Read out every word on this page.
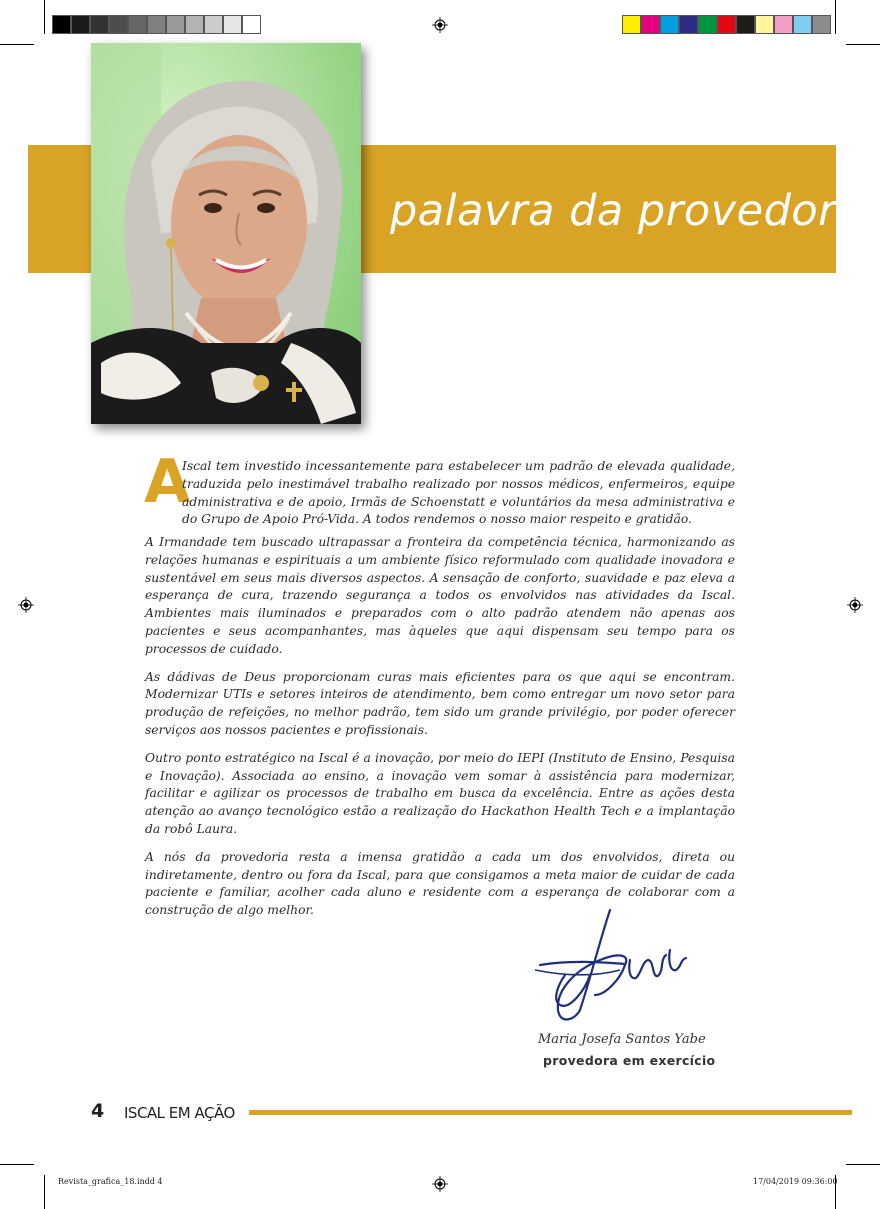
palavra da provedora
A

Iscal tem investido incessantemente para estabelecer um padrão de elevada qualidade, traduzida pelo inestimável trabalho realizado por nossos médicos, enfermeiros, equipe administrativa e de apoio, Irmãs de Schoenstatt e voluntários da mesa administrativa e do Grupo de Apoio Pró-Vida. A todos rendemos o nosso maior respeito e gratidão.

A Irmandade tem buscado ultrapassar a fronteira da competência técnica, harmonizando as relações humanas e espirituais a um ambiente físico reformulado com qualidade inovadora e sustentável em seus mais diversos aspectos. A sensação de conforto, suavidade e paz eleva a esperança de cura, trazendo segurança a todos os envolvidos nas atividades da Iscal. Ambientes mais iluminados e preparados com o alto padrão atendem não apenas aos pacientes e seus acompanhantes, mas àqueles que aqui dispensam seu tempo para os processos de cuidado.

As dádivas de Deus proporcionam curas mais eficientes para os que aqui se encontram. Modernizar UTIs e setores inteiros de atendimento, bem como entregar um novo setor para produção de refeições, no melhor padrão, tem sido um grande privilégio, por poder oferecer serviços aos nossos pacientes e profissionais.

Outro ponto estratégico na Iscal é a inovação, por meio do IEPI (Instituto de Ensino, Pesquisa e Inovação). Associada ao ensino, a inovação vem somar à assistência para modernizar, facilitar e agilizar os processos de trabalho em busca da excelência. Entre as ações desta atenção ao avanço tecnológico estão a realização do Hackathon Health Tech e a implantação da robô Laura.

A nós da provedoria resta a imensa gratidão a cada um dos envolvidos, direta ou indiretamente, dentro ou fora da Iscal, para que consigamos a meta maior de cuidar de cada paciente e familiar, acolher cada aluno e residente com a esperança de colaborar com a construção de algo melhor.

Maria Josefa Santos Yabe
provedora em exercício
4 ISCAL EM AÇÃO
Revista_grafica_18.indd 4	17/04/2019 09:36:00
